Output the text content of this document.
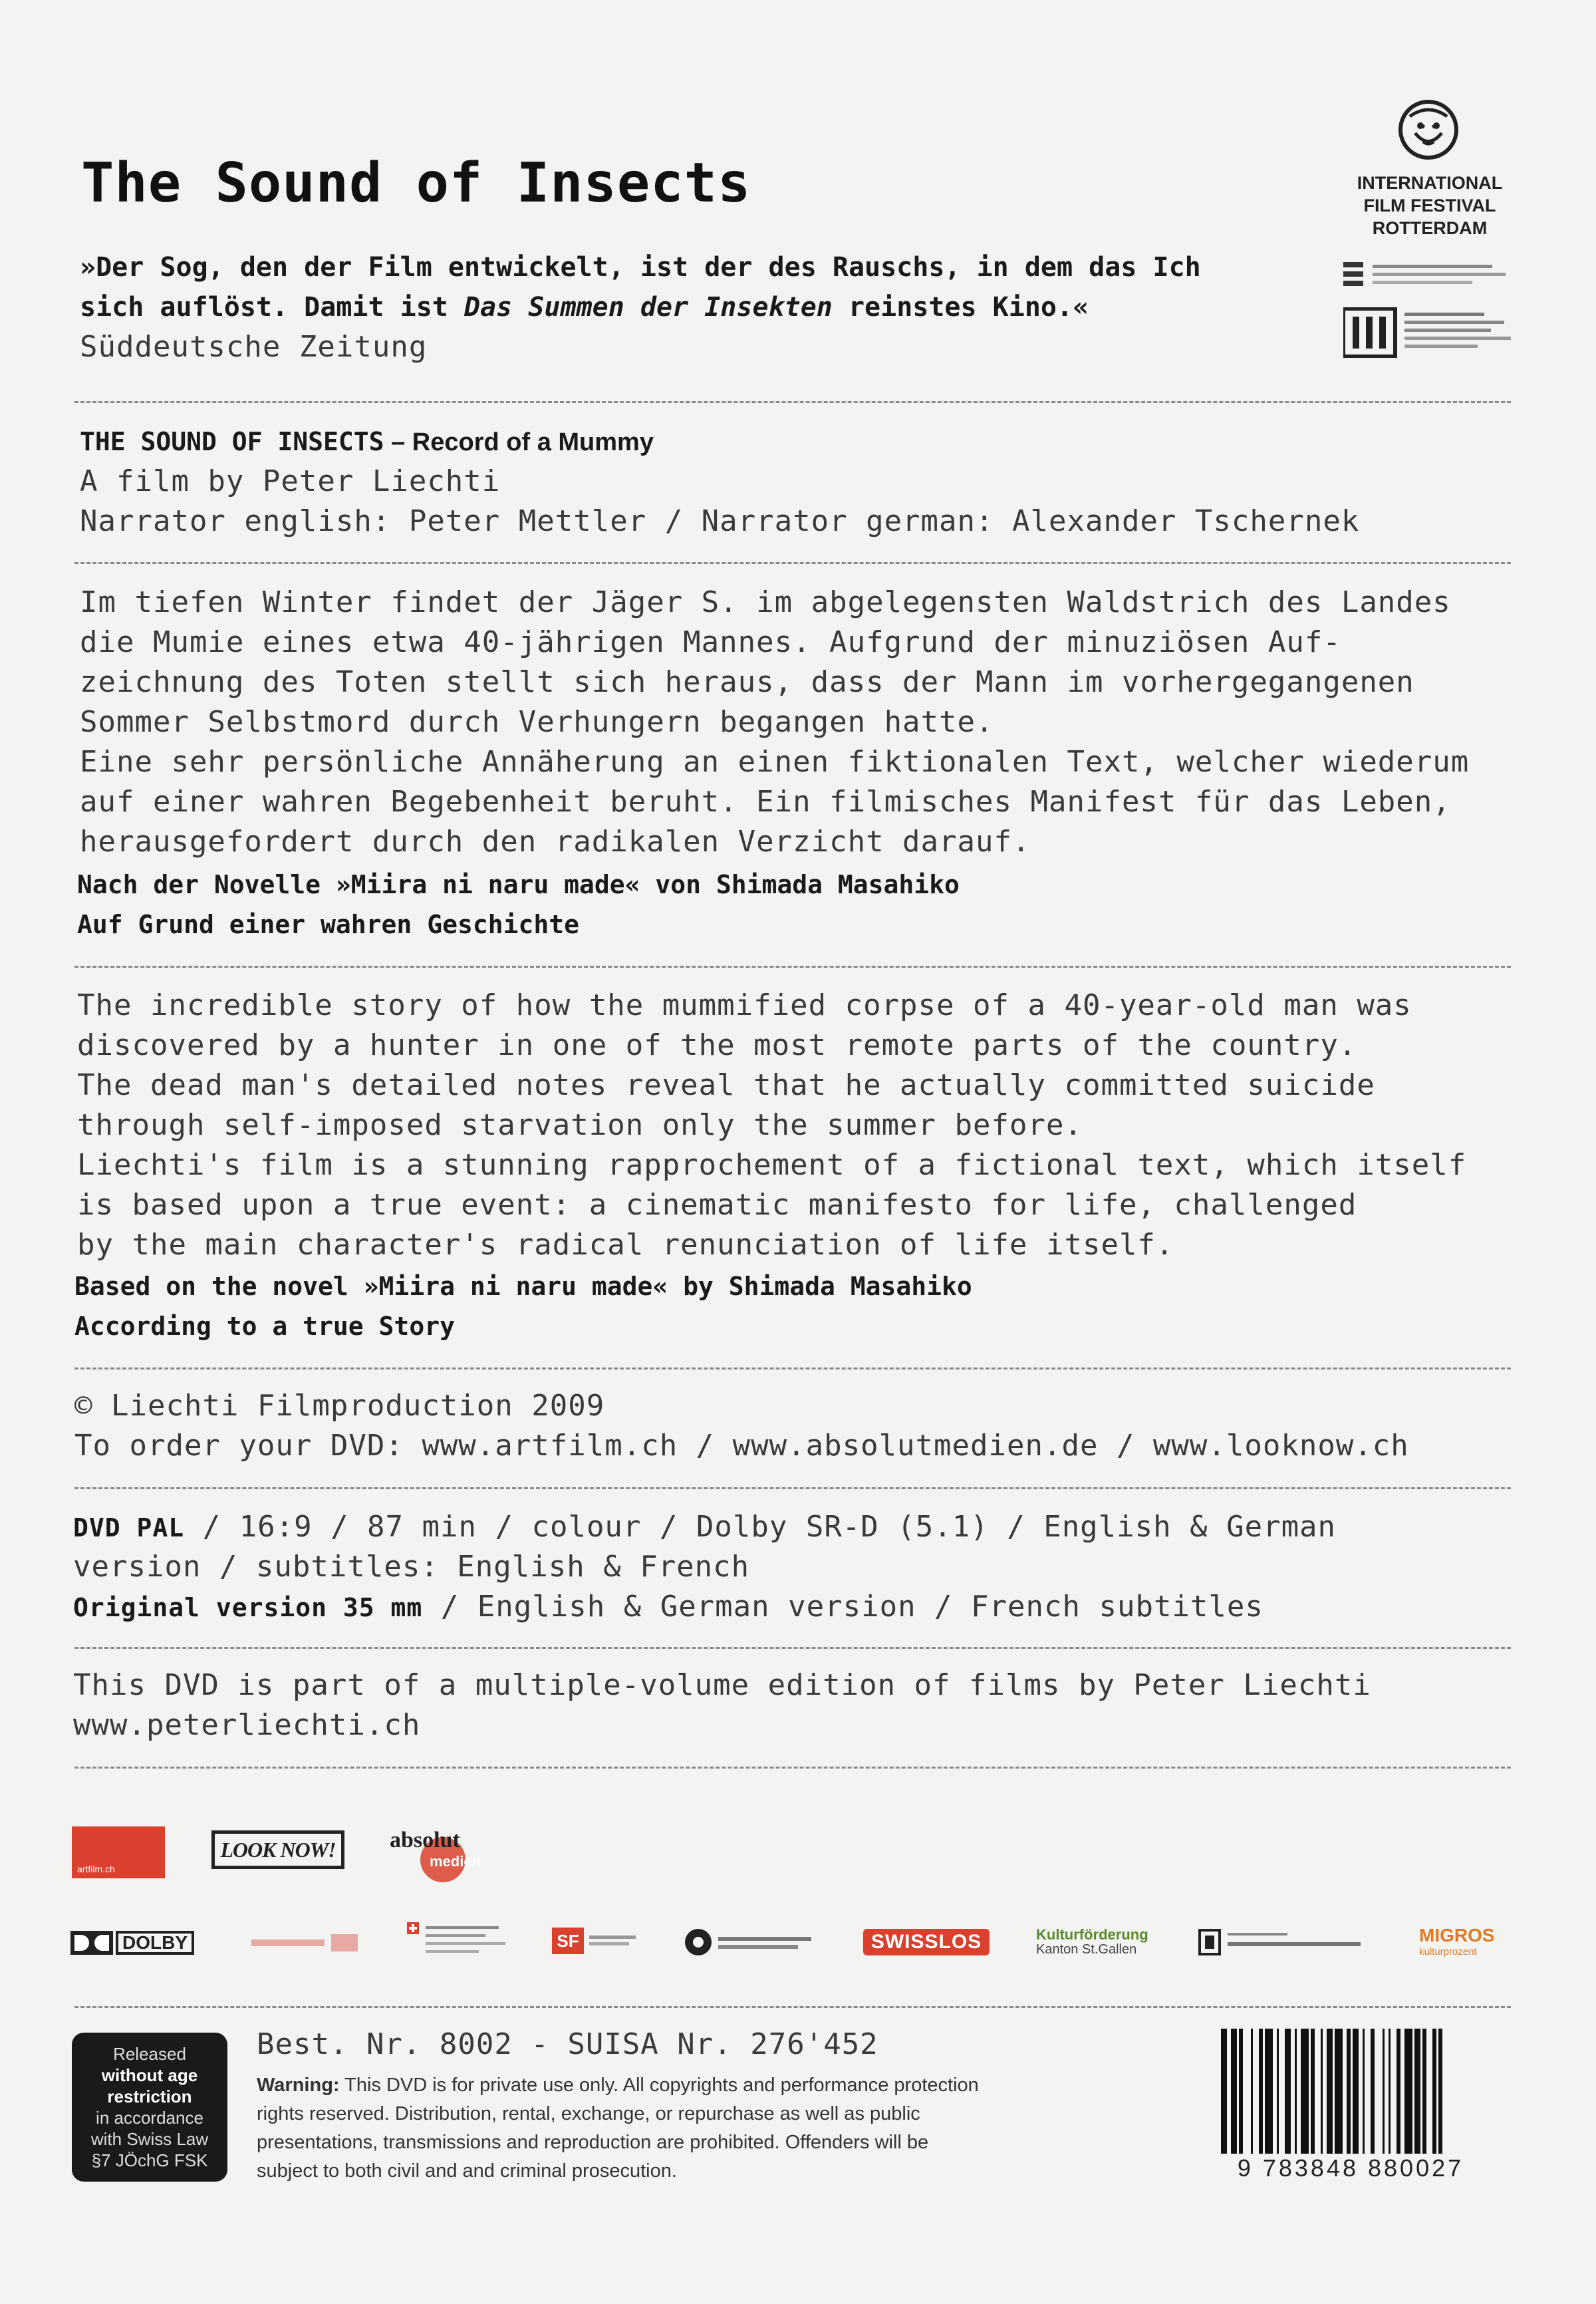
The Sound of Insects
»Der Sog, den der Film entwickelt, ist der des Rauschs, in dem das Ich
sich auflöst. Damit ist Das Summen der Insekten reinstes Kino.«
Süddeutsche Zeitung
INTERNATIONAL
FILM FESTIVAL
ROTTERDAM
THE SOUND OF INSECTS – Record of a Mummy
A film by Peter Liechti
Narrator english: Peter Mettler / Narrator german: Alexander Tschernek
Im tiefen Winter findet der Jäger S. im abgelegensten Waldstrich des Landes
die Mumie eines etwa 40-jährigen Mannes. Aufgrund der minuziösen Auf-
zeichnung des Toten stellt sich heraus, dass der Mann im vorhergegangenen
Sommer Selbstmord durch Verhungern begangen hatte.
Eine sehr persönliche Annäherung an einen fiktionalen Text, welcher wiederum
auf einer wahren Begebenheit beruht. Ein filmisches Manifest für das Leben,
herausgefordert durch den radikalen Verzicht darauf.
Nach der Novelle »Miira ni naru made« von Shimada Masahiko
Auf Grund einer wahren Geschichte
The incredible story of how the mummified corpse of a 40-year-old man was
discovered by a hunter in one of the most remote parts of the country.
The dead man's detailed notes reveal that he actually committed suicide
through self-imposed starvation only the summer before.
Liechti's film is a stunning rapprochement of a fictional text, which itself
is based upon a true event: a cinematic manifesto for life, challenged
by the main character's radical renunciation of life itself.
Based on the novel »Miira ni naru made« by Shimada Masahiko
According to a true Story
© Liechti Filmproduction 2009
To order your DVD: www.artfilm.ch / www.absolutmedien.de / www.looknow.ch
DVD PAL / 16:9 / 87 min / colour / Dolby SR-D (5.1) / English & German
version / subtitles: English & French
Original version 35 mm / English & German version / French subtitles
This DVD is part of a multiple-volume edition of films by Peter Liechti
www.peterliechti.ch
artfilm.ch
LOOK NOW! absolut
medien
DOLBY	SF	SWISSLOS	Kulturförderung
Kanton St.Gallen
MIGROS
kulturprozent
Released
without age
restriction
in accordance
with Swiss Law
§7 JÖchG FSK
Best. Nr. 8002 - SUISA Nr. 276'452
Warning: This DVD is for private use only. All copyrights and performance protection
rights reserved. Distribution, rental, exchange, or repurchase as well as public
presentations, transmissions and reproduction are prohibited. Offenders will be
subject to both civil and and criminal prosecution.	9 783848 880027
